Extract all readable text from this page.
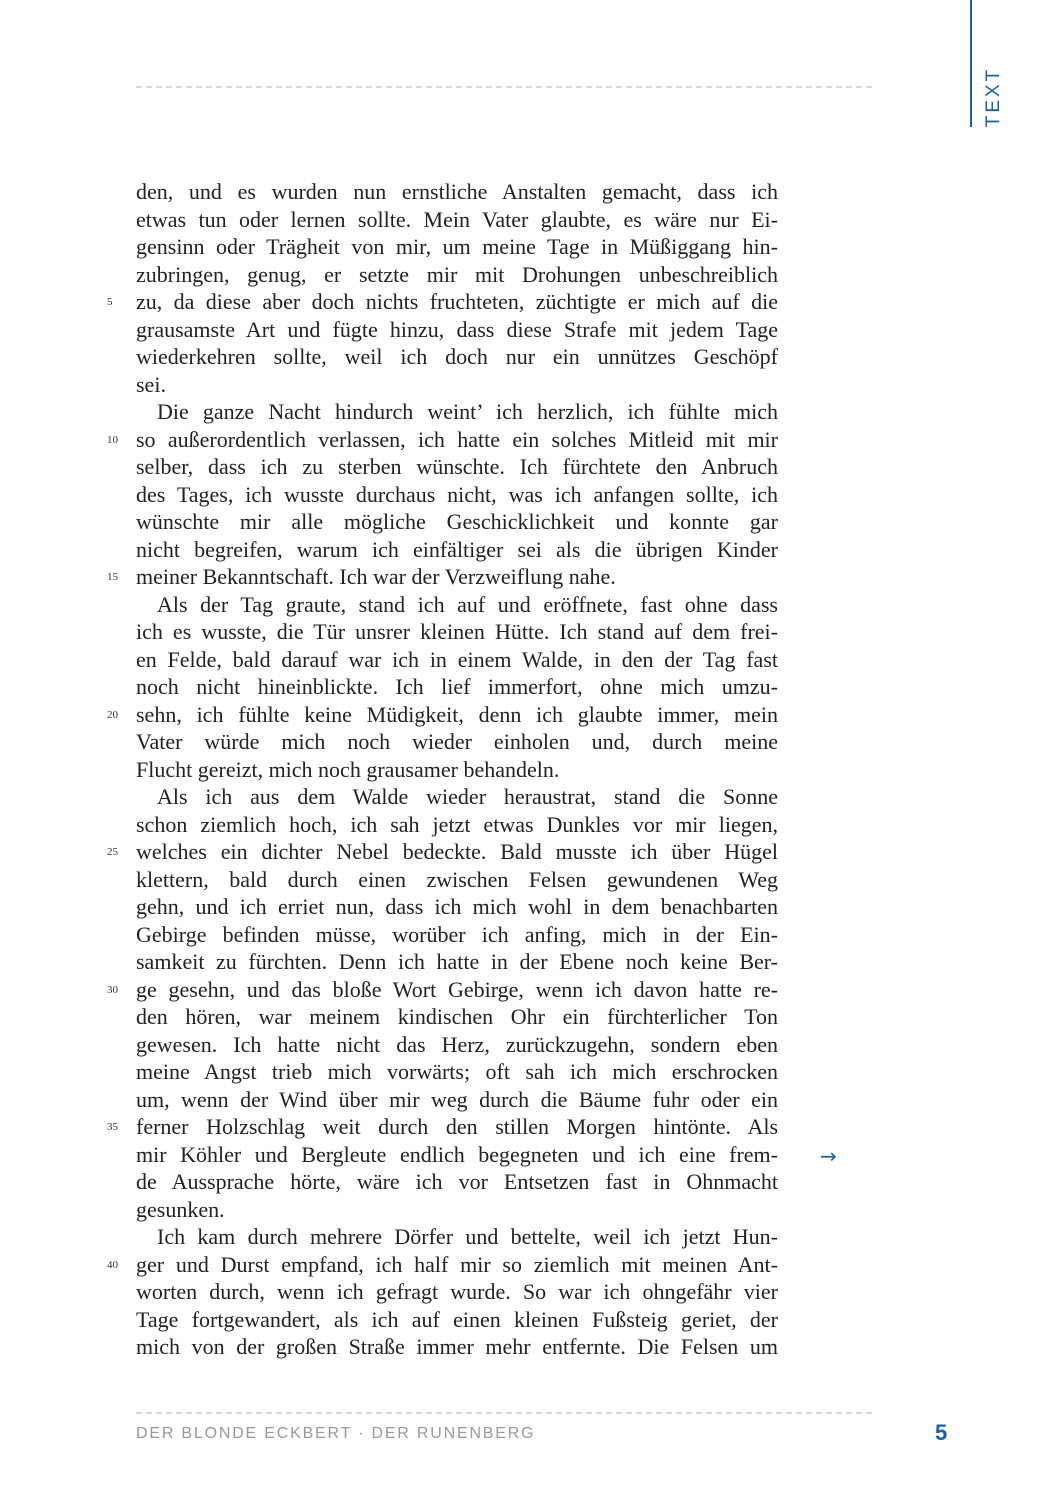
TEXT
den, und es wurden nun ernstliche Anstalten gemacht, dass ich
etwas tun oder lernen sollte. Mein Vater glaubte, es wäre nur Ei-
gensinn oder Trägheit von mir, um meine Tage in Müßiggang hin-
zubringen, genug, er setzte mir mit Drohungen unbeschreiblich
5	zu, da diese aber doch nichts fruchteten, züchtigte er mich auf die
grausamste Art und fügte hinzu, dass diese Strafe mit jedem Tage
wiederkehren sollte, weil ich doch nur ein unnützes Geschöpf
sei.
Die ganze Nacht hindurch weint’ ich herzlich, ich fühlte mich
10 so außerordentlich verlassen, ich hatte ein solches Mitleid mit mir
selber, dass ich zu sterben wünschte. Ich fürchtete den Anbruch
des Tages, ich wusste durchaus nicht, was ich anfangen sollte, ich
wünschte mir alle mögliche Geschicklichkeit und konnte gar
nicht begreifen, warum ich einfältiger sei als die übrigen Kinder
15 meiner Bekanntschaft. Ich war der Verzweiflung nahe.
Als der Tag graute, stand ich auf und eröffnete, fast ohne dass
ich es wusste, die Tür unsrer kleinen Hütte. Ich stand auf dem frei-
en Felde, bald darauf war ich in einem Walde, in den der Tag fast
noch nicht hineinblickte. Ich lief immerfort, ohne mich umzu-
20 sehn, ich fühlte keine Müdigkeit, denn ich glaubte immer, mein
Vater würde mich noch wieder einholen und, durch meine
Flucht gereizt, mich noch grausamer behandeln.
Als ich aus dem Walde wieder heraustrat, stand die Sonne
schon ziemlich hoch, ich sah jetzt etwas Dunkles vor mir liegen,
25 welches ein dichter Nebel bedeckte. Bald musste ich über Hügel
klettern, bald durch einen zwischen Felsen gewundenen Weg
gehn, und ich erriet nun, dass ich mich wohl in dem benachbarten
Gebirge befinden müsse, worüber ich anfing, mich in der Ein-
samkeit zu fürchten. Denn ich hatte in der Ebene noch keine Ber-
30 ge gesehn, und das bloße Wort Gebirge, wenn ich davon hatte re-
den hören, war meinem kindischen Ohr ein fürchterlicher Ton
gewesen. Ich hatte nicht das Herz, zurückzugehn, sondern eben
meine Angst trieb mich vorwärts; oft sah ich mich erschrocken
um, wenn der Wind über mir weg durch die Bäume fuhr oder ein
35 ferner Holzschlag weit durch den stillen Morgen hintönte. Als
mir Köhler und Bergleute endlich begegneten und ich eine frem-
de Aussprache hörte, wäre ich vor Entsetzen fast in Ohnmacht
gesunken.
Ich kam durch mehrere Dörfer und bettelte, weil ich jetzt Hun-
40 ger und Durst empfand, ich half mir so ziemlich mit meinen Ant-
worten durch, wenn ich gefragt wurde. So war ich ohngefähr vier
Tage fortgewandert, als ich auf einen kleinen Fußsteig geriet, der
mich von der großen Straße immer mehr entfernte. Die Felsen um
→
DER BLONDE ECKBERT · DER RUNENBERG	5
